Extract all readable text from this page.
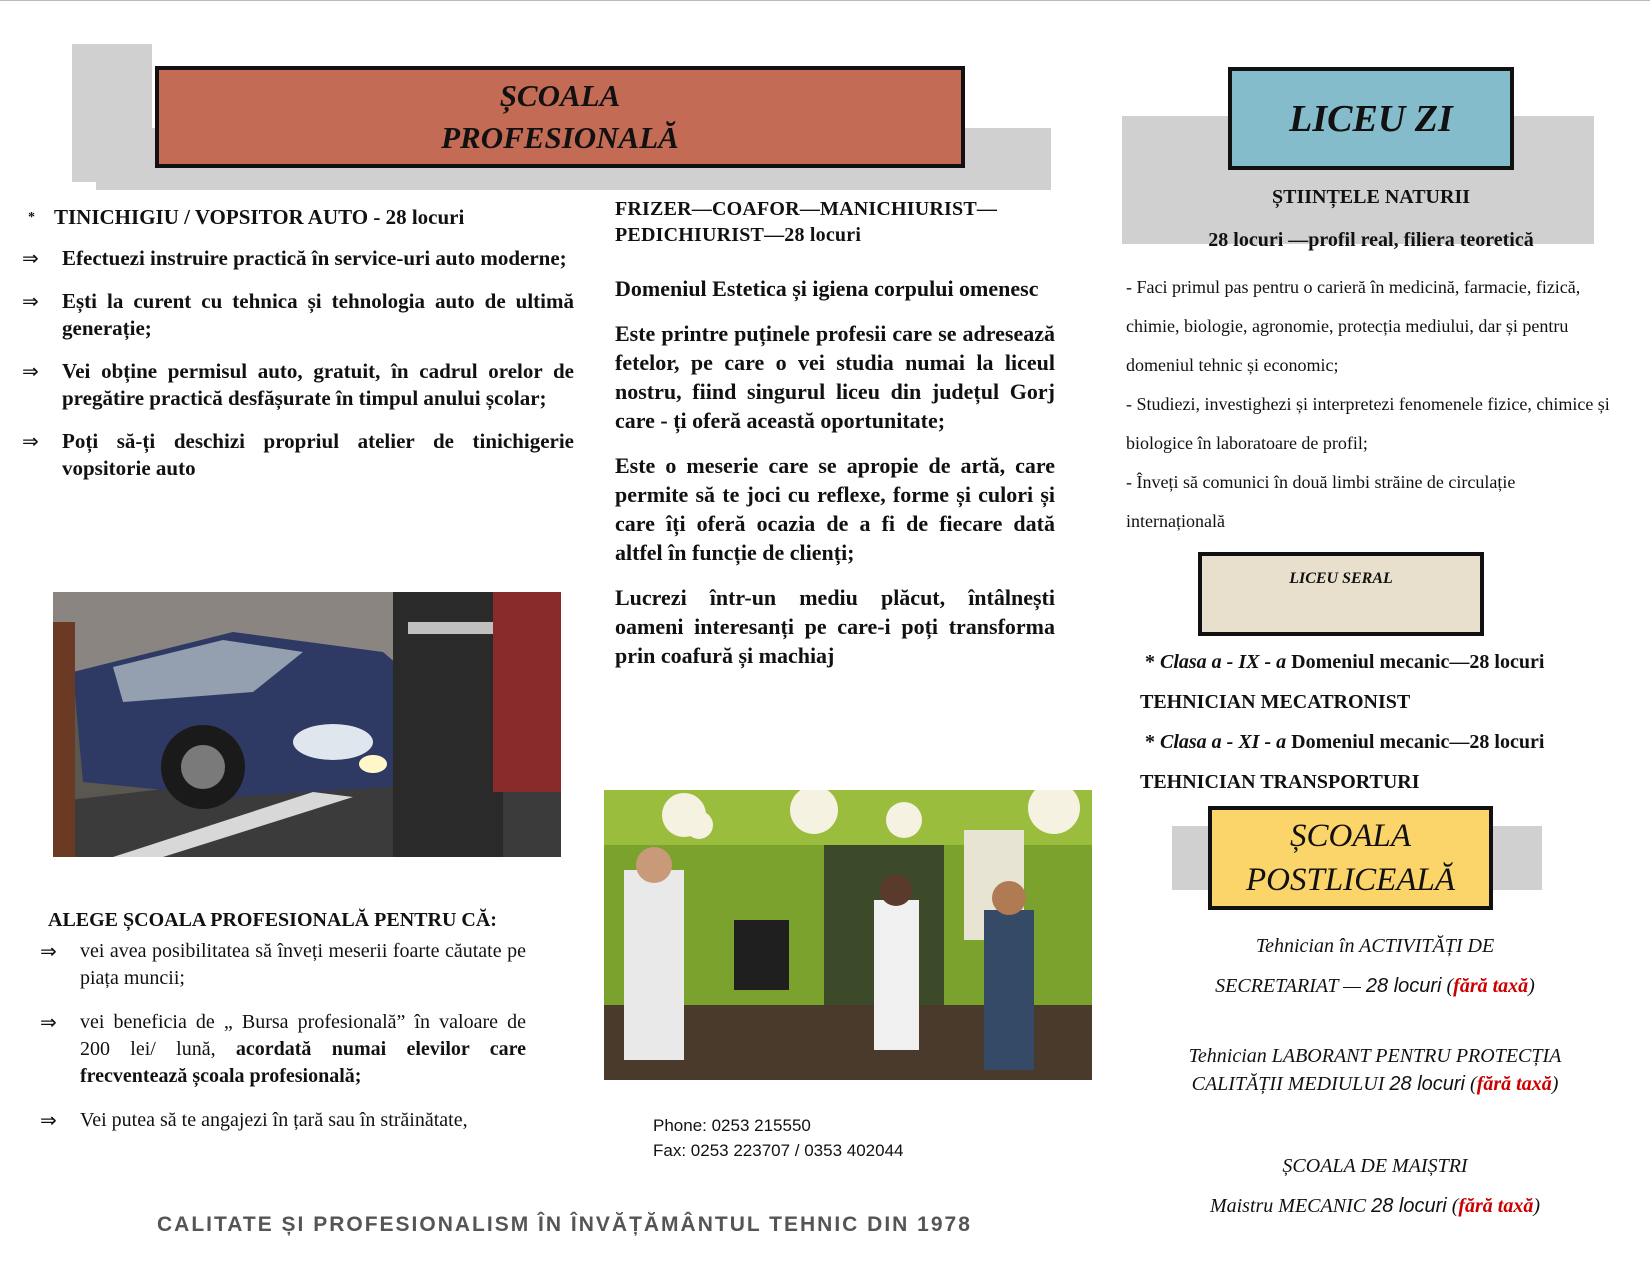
ȘCOALA
PROFESIONALĂ
* TINICHIGIU / VOPSITOR AUTO - 28 locuri
⇒ Efectuezi instruire practică în service-uri auto moderne;
⇒ Ești la curent cu tehnica și tehnologia auto de ultimă generație;
⇒ Vei obține permisul auto, gratuit, în cadrul orelor de pregătire practică desfășurate în timpul anului școlar;
⇒ Poți să-ți deschizi propriul atelier de tinichigerie vopsitorie auto
ALEGE ȘCOALA PROFESIONALĂ PENTRU CĂ:
⇒ vei avea posibilitatea să înveți meserii foarte căutate pe piața muncii;
⇒ vei beneficia de „ Bursa profesională” în valoare de 200 lei/ lună, acordată numai elevilor care frecventează școala profesională;
⇒ Vei putea să te angajezi în țară sau în străinătate,
FRIZER—COAFOR—MANICHIURIST—PEDICHIURIST—28 locuri

Domeniul Estetica și igiena corpului omenesc

Este printre puținele profesii care se adresează fetelor, pe care o vei studia numai la liceul nostru, fiind singurul liceu din județul Gorj care - ți oferă această oportunitate;

Este o meserie care se apropie de artă, care permite să te joci cu reflexe, forme și culori și care îți oferă ocazia de a fi de fiecare dată altfel în funcție de clienți;

Lucrezi într-un mediu plăcut, întâlnești oameni interesanți pe care-i poți transforma prin coafură și machiaj

Phone: 0253 215550
Fax: 0253 223707 / 0353 402044
CALITATE ȘI PROFESIONALISM ÎN ÎNVĂȚĂMÂNTUL TEHNIC DIN 1978
LICEU ZI
ȘTIINȚELE NATURII
28 locuri —profil real, filiera teoretică

- Faci primul pas pentru o carieră în medicină, farmacie, fizică, chimie, biologie, agronomie, protecția mediului, dar și pentru domeniul tehnic și economic;

- Studiezi, investighezi și interpretezi fenomenele fizice, chimice și biologice în laboratoare de profil;

- Înveți să comunici în două limbi străine de circulație internațională

LICEU SERAL

* Clasa a - IX - a Domeniul mecanic—28 locuri

TEHNICIAN MECATRONIST

* Clasa a - XI - a Domeniul mecanic—28 locuri

TEHNICIAN TRANSPORTURI

ȘCOALA
POSTLICEALĂ

Tehnician în ACTIVITĂȚI DE

SECRETARIAT — 28 locuri (fără taxă)

Tehnician LABORANT PENTRU PROTECȚIA

CALITĂȚII MEDIULUI 28 locuri (fără taxă)

ȘCOALA DE MAIȘTRI

Maistru MECANIC 28 locuri (fără taxă)
